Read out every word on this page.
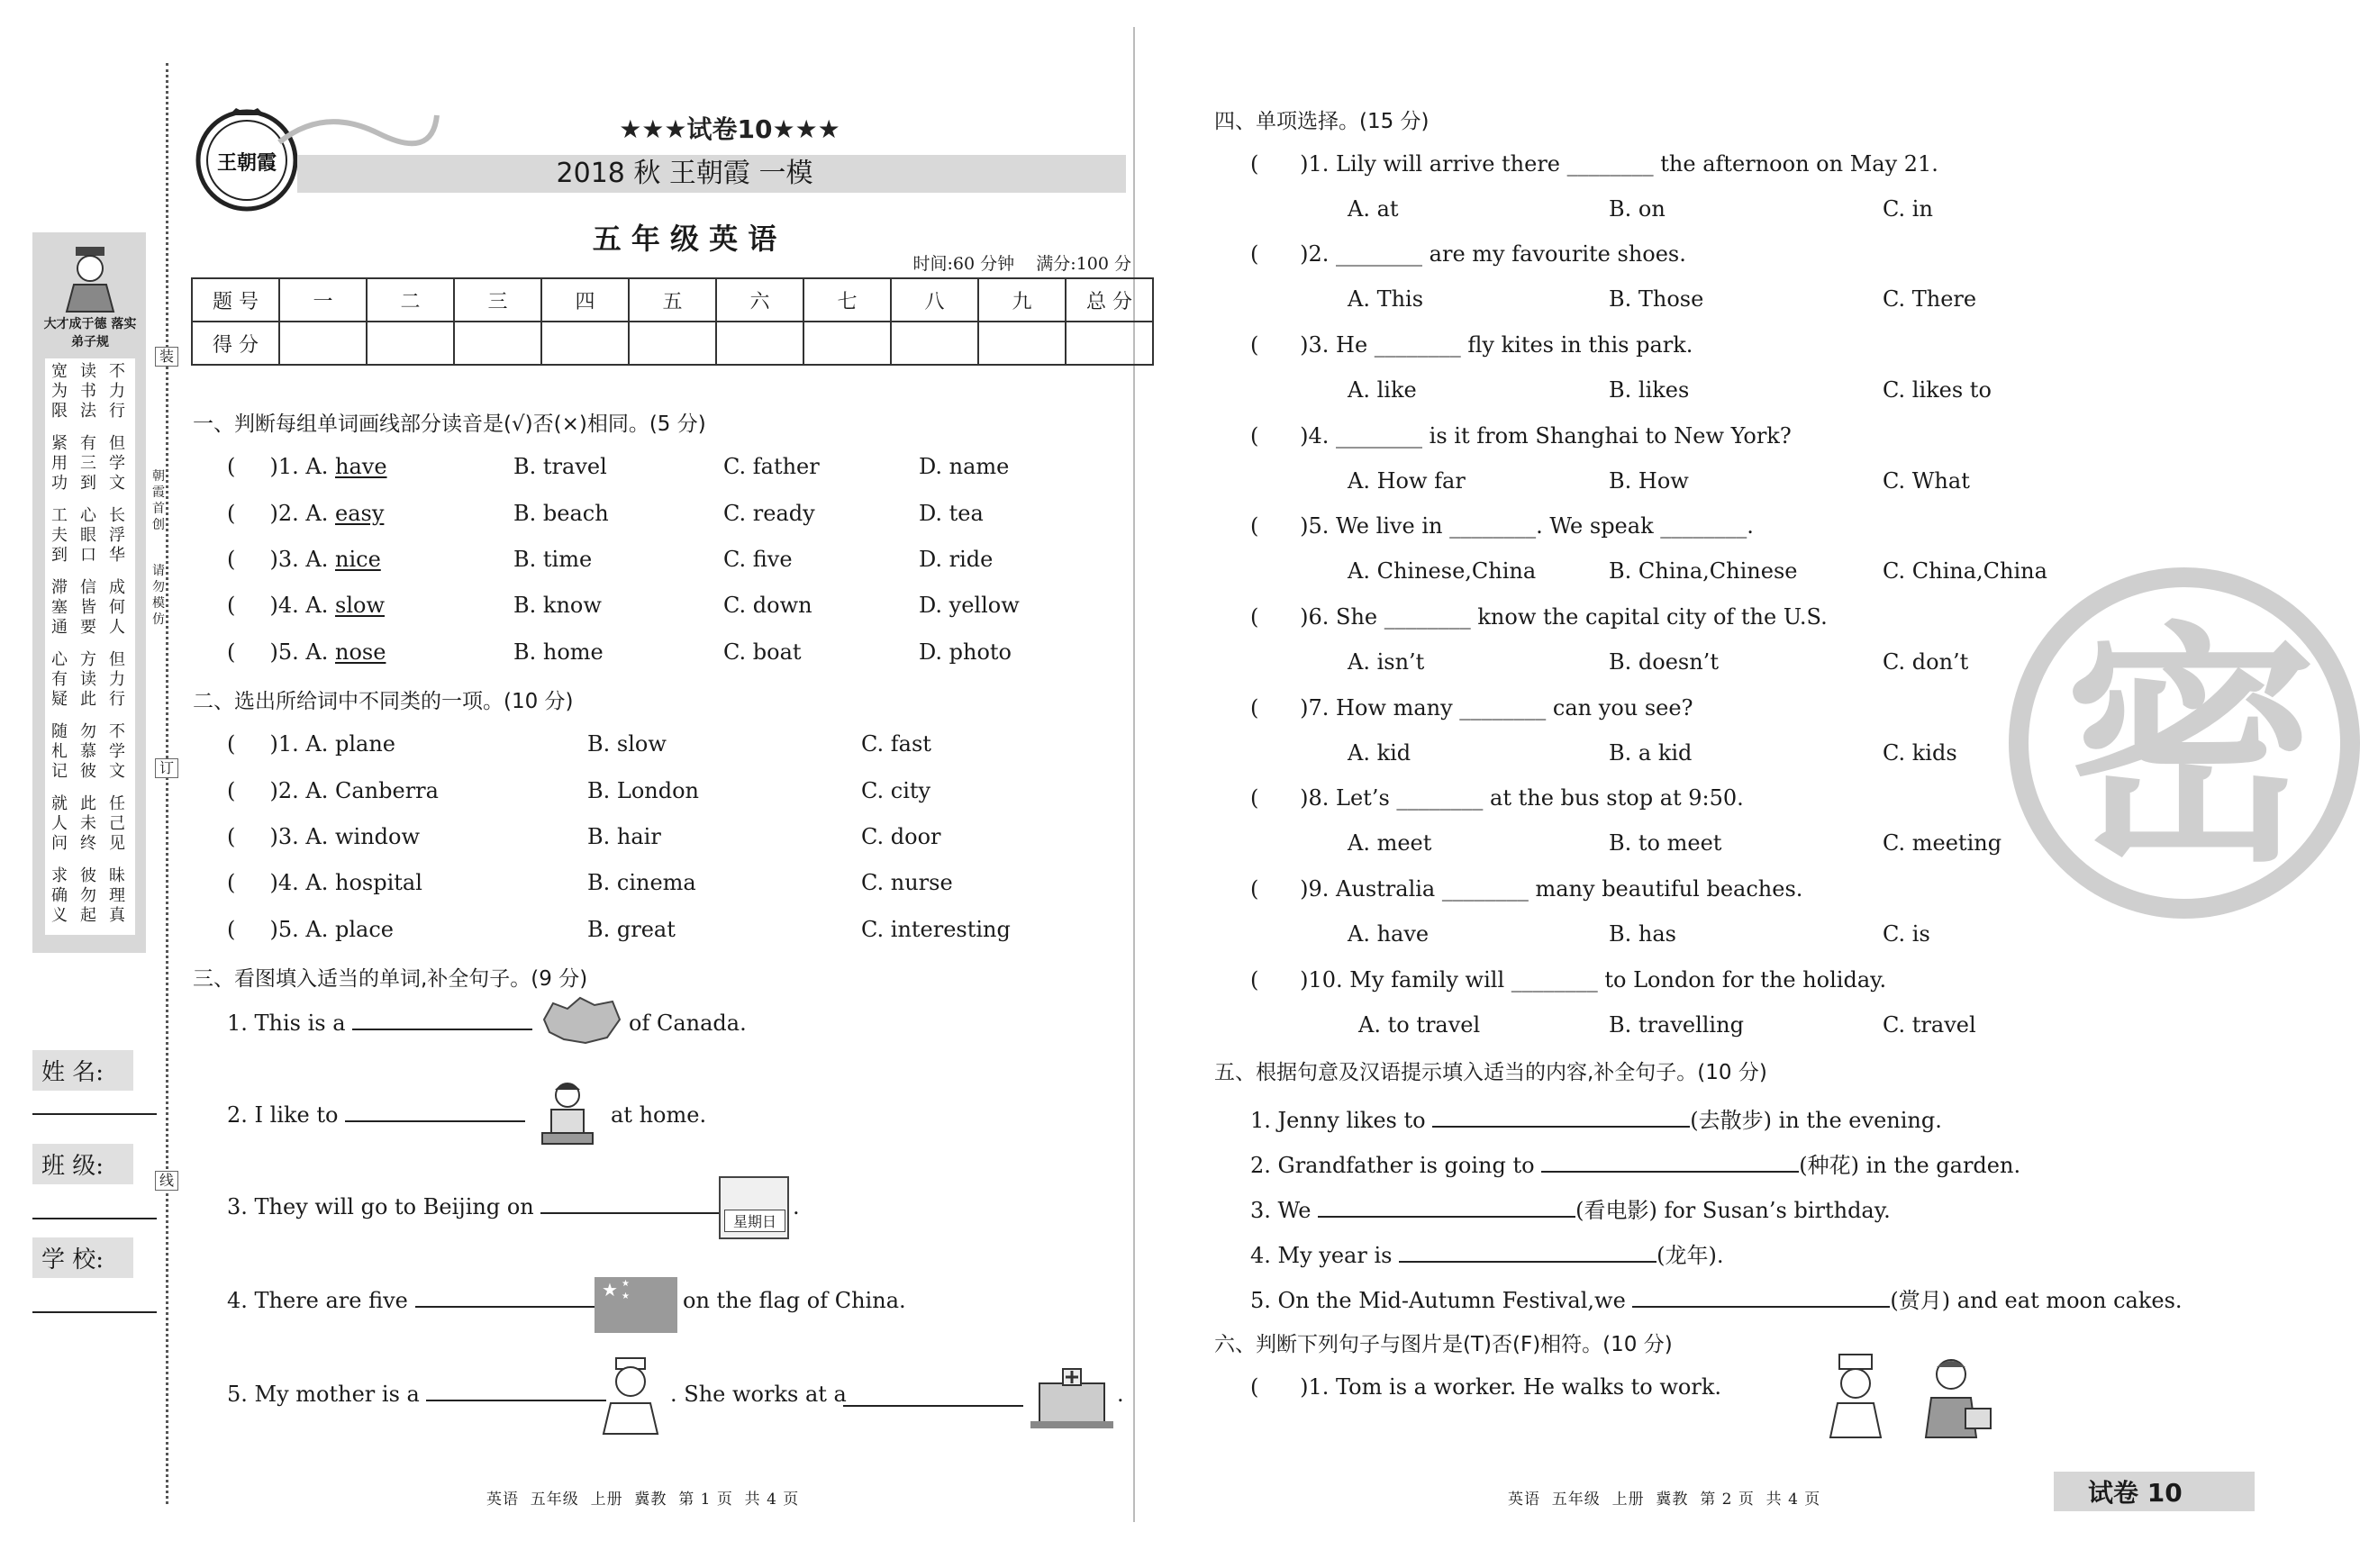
大才成于德 落实弟子规
宽为限
读书法
不力行
紧用功
有三到
但学文
工夫到
心眼口
长浮华
滞塞通
信皆要
成何人
心有疑
方读此
但力行
随札记
勿慕彼
不学文
就人问
此未终
任己见
求确义
彼勿起
昧理真
装
订
线
朝霞首创
请勿模仿
姓 名:
班 级:
学 校:
王朝霞
★★★试卷10★★★
2018 秋 王朝霞 一模
五 年 级 英 语
时间:60 分钟    满分:100 分
题 号	一	二	三	四	五	六	七	八	九	总 分
得 分										
一、判断每组单词画线部分读音是(√)否(×)相同。(5 分)
(     )1. A. have	B. travel	C. father	D. name
(     )2. A. easy	B. beach	C. ready	D. tea
(     )3. A. nice	B. time	C. five	D. ride
(     )4. A. slow	B. know	C. down	D. yellow
(     )5. A. nose	B. home	C. boat	D. photo
二、选出所给词中不同类的一项。(10 分)
(     )1. A. plane	B. slow	C. fast
(     )2. A. Canberra	B. London	C. city
(     )3. A. window	B. hair	C. door
(     )4. A. hospital	B. cinema	C. nurse
(     )5. A. place	B. great	C. interesting
三、看图填入适当的单词,补全句子。(9 分)
1. This is a	of Canada.
2. I like to	at home.
3. They will go to Beijing on
星期日
.
4. There are five	★ ★
★ on the flag of China.
5. My mother is a	. She works at a	.
英语  五年级  上册  冀教  第 1 页  共 4 页
密
四、单项选择。(15 分)
(      )1. Lily will arrive there ________ the afternoon on May 21.
A. at	B. on	C. in
(      )2. ________ are my favourite shoes.
A. This	B. Those	C. There
(      )3. He ________ fly kites in this park.
A. like	B. likes	C. likes to
(      )4. ________ is it from Shanghai to New York?
A. How far	B. How	C. What
(      )5. We live in ________. We speak ________.
A. Chinese,China	B. China,Chinese	C. China,China
(      )6. She ________ know the capital city of the U.S.
A. isn’t	B. doesn’t	C. don’t
(      )7. How many ________ can you see?
A. kid	B. a kid	C. kids
(      )8. Let’s ________ at the bus stop at 9:50.
A. meet	B. to meet	C. meeting
(      )9. Australia ________ many beautiful beaches.
A. have	B. has	C. is
(      )10. My family will ________ to London for the holiday.
A. to travel	B. travelling	C. travel
五、根据句意及汉语提示填入适当的内容,补全句子。(10 分)
1. Jenny likes to	(去散步) in the evening.
2. Grandfather is going to	(种花) in the garden.
3. We	(看电影) for Susan’s birthday.
4. My year is	(龙年).
5. On the Mid-Autumn Festival,we	(赏月) and eat moon cakes.
六、判断下列句子与图片是(T)否(F)相符。(10 分)
(      )1. Tom is a worker. He walks to work.
英语  五年级  上册  冀教  第 2 页  共 4 页	试卷 10
